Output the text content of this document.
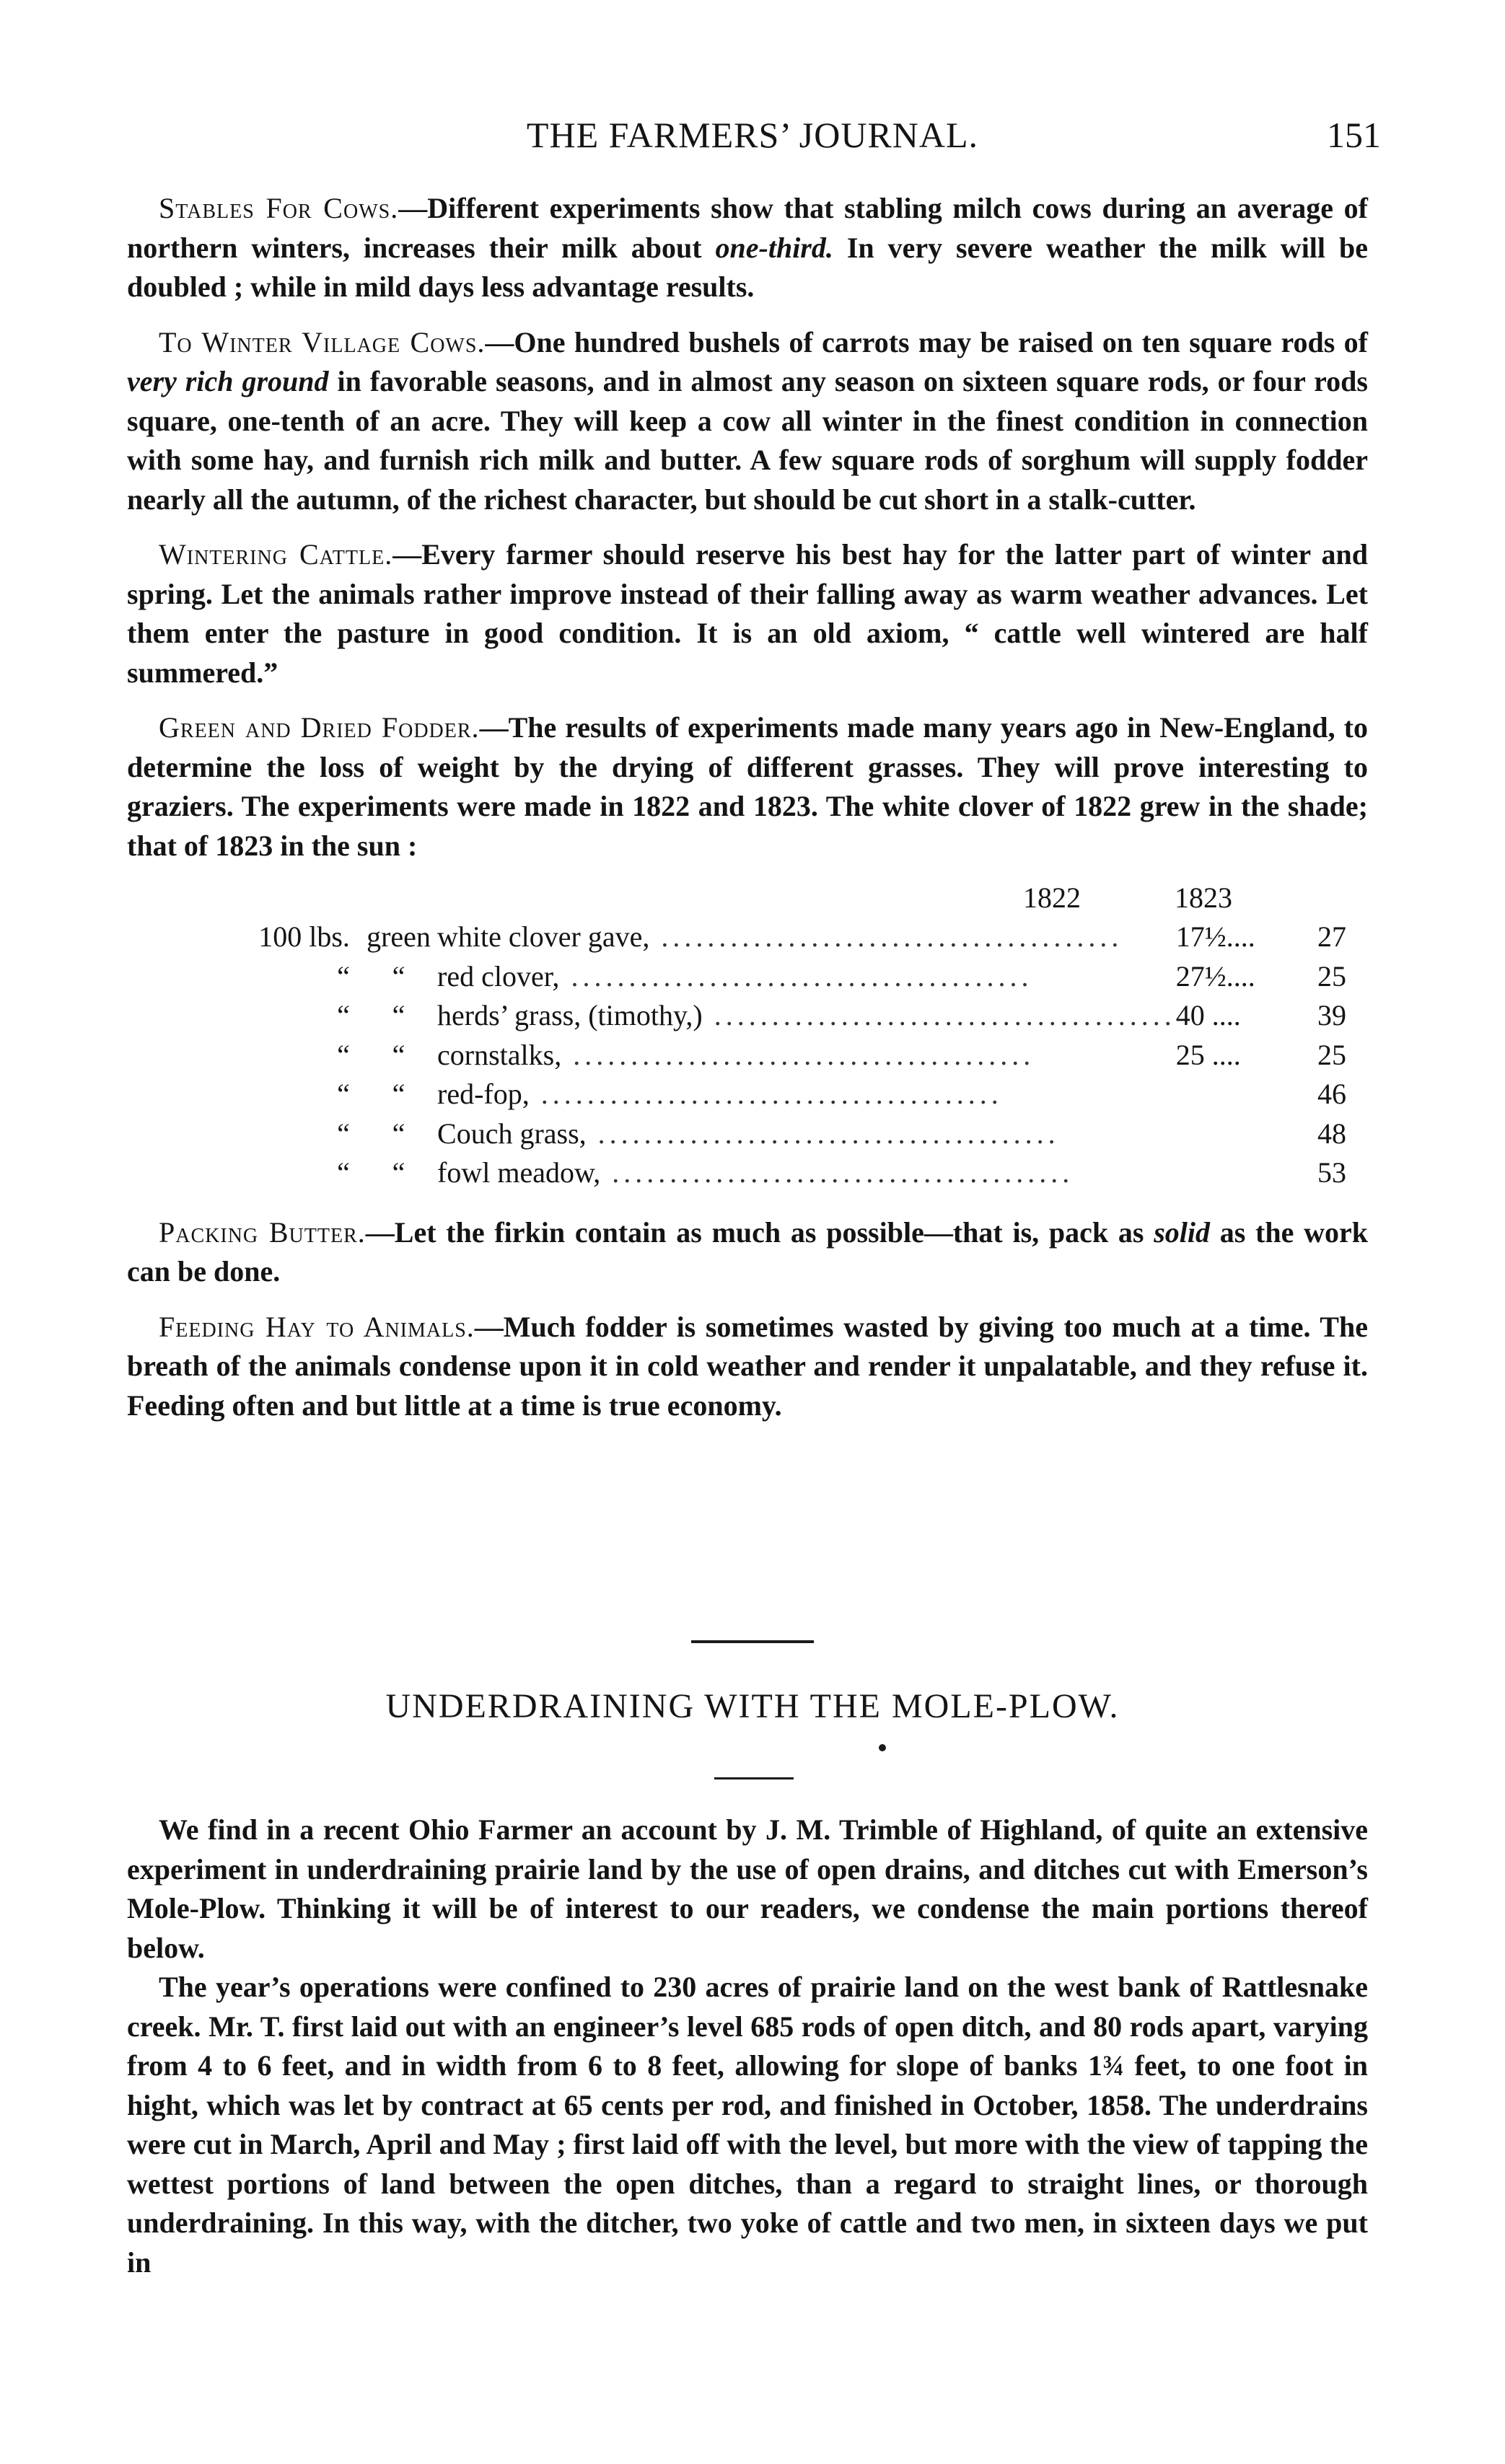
THE FARMERS’ JOURNAL.	151

Stables For Cows.—Different experiments show that stabling milch cows during an average of northern winters, increases their milk about one-third. In very severe weather the milk will be doubled ; while in mild days less advantage results.

To Winter Village Cows.—One hundred bushels of carrots may be raised on ten square rods of very rich ground in favorable seasons, and in almost any season on sixteen square rods, or four rods square, one-tenth of an acre. They will keep a cow all winter in the finest condition in connection with some hay, and furnish rich milk and butter. A few square rods of sorghum will supply fodder nearly all the autumn, of the richest character, but should be cut short in a stalk-cutter.

Wintering Cattle.—Every farmer should reserve his best hay for the latter part of winter and spring. Let the animals rather improve instead of their falling away as warm weather advances. Let them enter the pasture in good condition. It is an old axiom, “ cattle well wintered are half summered.”

Green and Dried Fodder.—The results of experiments made many years ago in New-England, to determine the loss of weight by the drying of different grasses. They will prove interesting to graziers. The experiments were made in 1822 and 1823. The white clover of 1822 grew in the shade; that of 1823 in the sun :

1822	1823
100 lbs.	green	white clover gave, ........................................	17½....	27
“	“	red clover, ........................................	27½....	25
“	“	herds’ grass, (timothy,) ........................................	40 ....	39
“	“	cornstalks, ........................................	25 ....	25
“	“	red-fop, ........................................		46
“	“	Couch grass, ........................................		48
“	“	fowl meadow, ........................................		53

Packing Butter.—Let the firkin contain as much as possible—that is, pack as solid as the work can be done.

Feeding Hay to Animals.—Much fodder is sometimes wasted by giving too much at a time. The breath of the animals condense upon it in cold weather and render it unpalatable, and they refuse it. Feeding often and but little at a time is true economy.

UNDERDRAINING WITH THE MOLE-PLOW.

We find in a recent Ohio Farmer an account by J. M. Trimble of Highland, of quite an extensive experiment in underdraining prairie land by the use of open drains, and ditches cut with Emerson’s Mole-Plow. Thinking it will be of interest to our readers, we condense the main portions thereof below.

The year’s operations were confined to 230 acres of prairie land on the west bank of Rattlesnake creek. Mr. T. first laid out with an engineer’s level 685 rods of open ditch, and 80 rods apart, varying from 4 to 6 feet, and in width from 6 to 8 feet, allowing for slope of banks 1¾ feet, to one foot in hight, which was let by contract at 65 cents per rod, and finished in October, 1858. The underdrains were cut in March, April and May ; first laid off with the level, but more with the view of tapping the wettest portions of land between the open ditches, than a regard to straight lines, or thorough underdraining. In this way, with the ditcher, two yoke of cattle and two men, in sixteen days we put in
